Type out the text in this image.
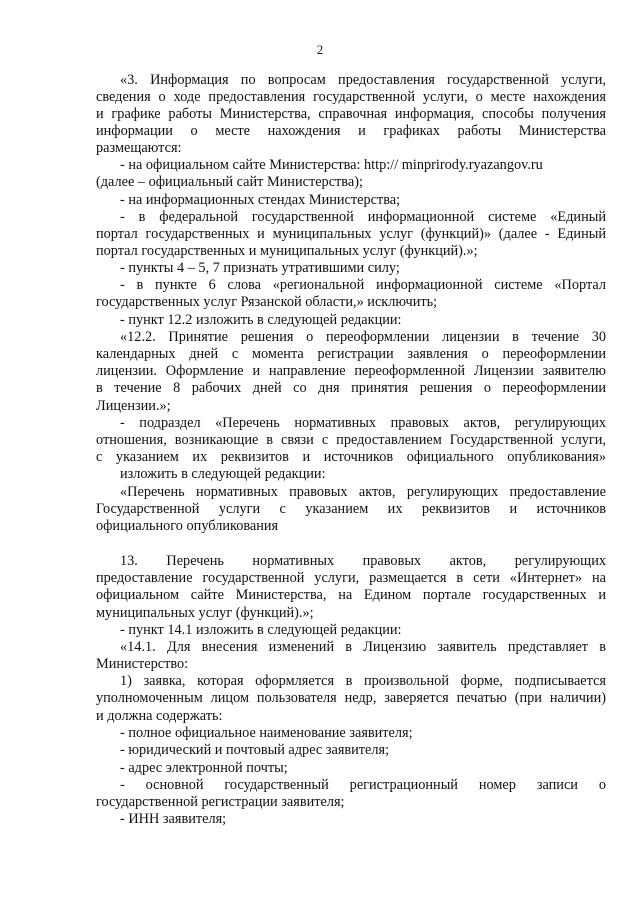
2
«3. Информация по вопросам предоставления государственной услуги,
сведения о ходе предоставления государственной услуги, о месте нахождения
и графике работы Министерства, справочная информация, способы получения
информации о месте нахождения и графиках работы Министерства
размещаются:
- на официальном сайте Министерства: http:// minprirody.ryazangov.ru
(далее – официальный сайт Министерства);
- на информационных стендах Министерства;
- в федеральной государственной информационной системе «Единый
портал государственных и муниципальных услуг (функций)» (далее - Единый
портал государственных и муниципальных услуг (функций).»;
- пункты 4 – 5, 7 признать утратившими силу;
- в пункте 6 слова «региональной информационной системе «Портал
государственных услуг Рязанской области,» исключить;
- пункт 12.2 изложить в следующей редакции:
«12.2. Принятие решения о переоформлении лицензии в течение 30
календарных дней с момента регистрации заявления о переоформлении
лицензии. Оформление и направление переоформленной Лицензии заявителю
в течение 8 рабочих дней со дня принятия решения о переоформлении
Лицензии.»;
- подраздел «Перечень нормативных правовых актов, регулирующих
отношения, возникающие в связи с предоставлением Государственной услуги,
с указанием их реквизитов и источников официального опубликования»
изложить в следующей редакции:
«Перечень нормативных правовых актов, регулирующих предоставление
Государственной услуги с указанием их реквизитов и источников
официального опубликования
13. Перечень нормативных правовых актов, регулирующих
предоставление государственной услуги, размещается в сети «Интернет» на
официальном сайте Министерства, на Едином портале государственных и
муниципальных услуг (функций).»;
- пункт 14.1 изложить в следующей редакции:
«14.1. Для внесения изменений в Лицензию заявитель представляет в
Министерство:
1) заявка, которая оформляется в произвольной форме, подписывается
уполномоченным лицом пользователя недр, заверяется печатью (при наличии)
и должна содержать:
- полное официальное наименование заявителя;
- юридический и почтовый адрес заявителя;
- адрес электронной почты;
- основной государственный регистрационный номер записи о
государственной регистрации заявителя;
- ИНН заявителя;
